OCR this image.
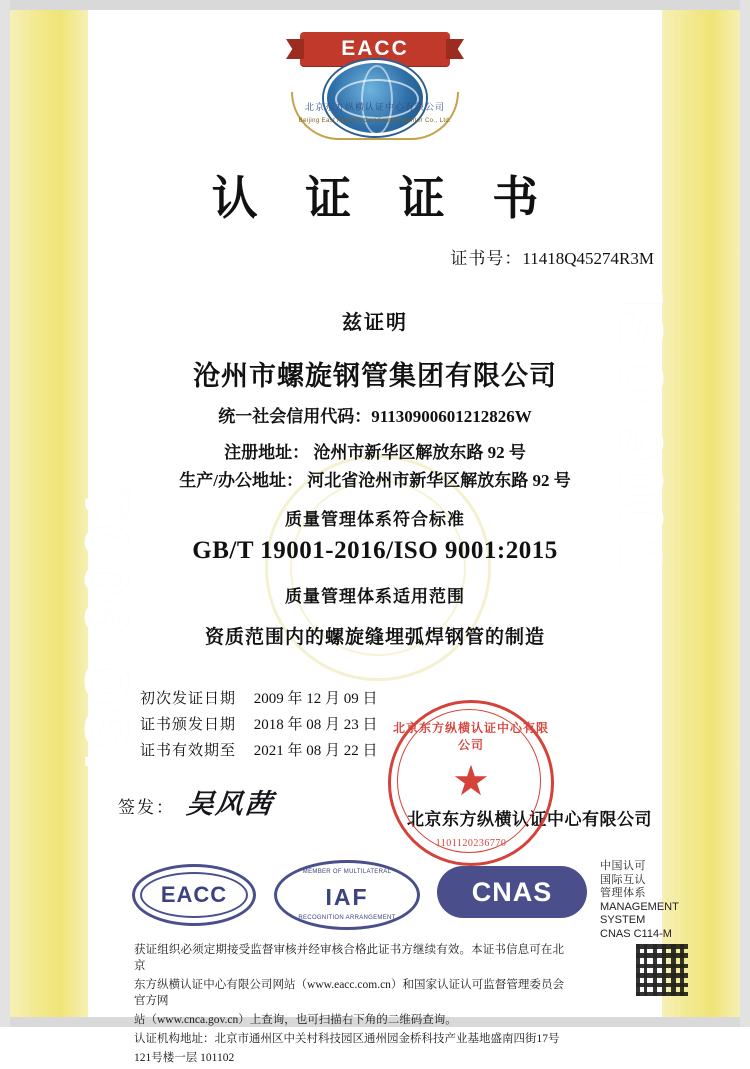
ISO 9001
ISO 9001
EACC
Beijing East Aibeach Certification Center Co., Ltd.
北京东方纵横认证中心有限公司
认 证 证 书
证书号：11418Q45274R3M
兹证明
沧州市螺旋钢管集团有限公司
统一社会信用代码：91130900601212826W
注册地址： 沧州市新华区解放东路 92 号
生产/办公地址： 河北省沧州市新华区解放东路 92 号
质量管理体系符合标准
GB/T 19001-2016/ISO 9001:2015
质量管理体系适用范围
资质范围内的螺旋缝埋弧焊钢管的制造
初次发证日期 2009 年 12 月 09 日
证书颁发日期 2018 年 08 月 23 日
证书有效期至 2021 年 08 月 22 日
签发： 吴风茜
北京东方纵横认证中心有限公司
★
1101120236770
北京东方纵横认证中心有限公司
EACC
MEMBER OF MULTILATERAL
IAF
RECOGNITION ARRANGEMENT
CNAS
中国认可
国际互认
管理体系
MANAGEMENT SYSTEM
CNAS C114-M

获证组织必须定期接受监督审核并经审核合格此证书方继续有效。本证书信息可在北京

东方纵横认证中心有限公司网站（www.eacc.com.cn）和国家认证认可监督管理委员会官方网

站（www.cnca.gov.cn）上查询，也可扫描右下角的二维码查询。

认证机构地址：北京市通州区中关村科技园区通州园金桥科技产业基地盛南四街17号

121号楼一层 101102
